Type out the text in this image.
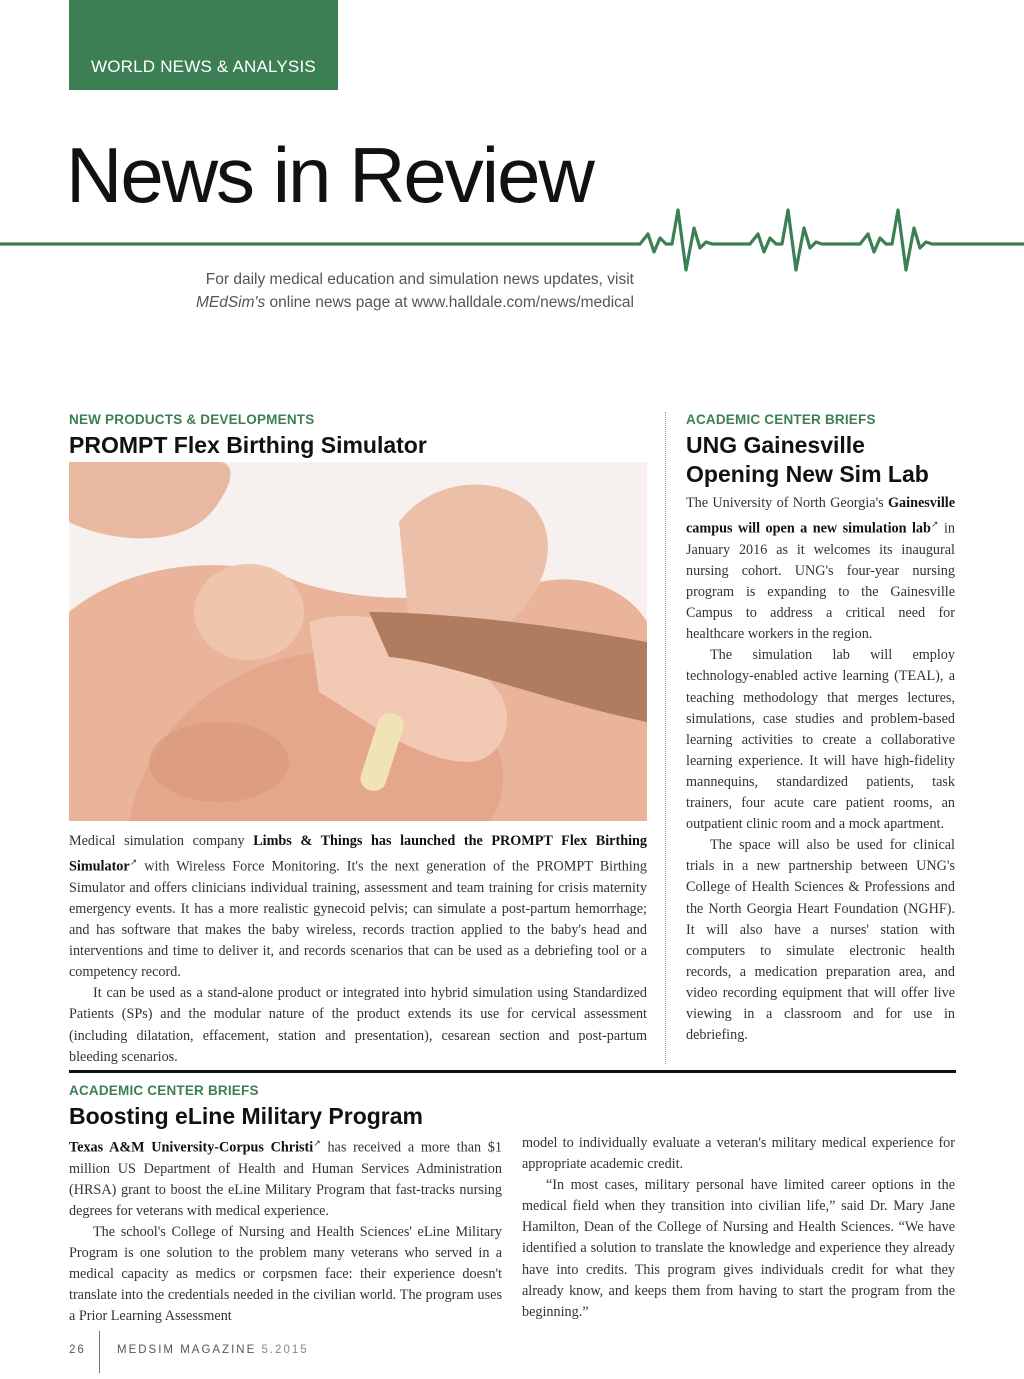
WORLD NEWS & ANALYSIS
News in Review
For daily medical education and simulation news updates, visit
MEdSim's online news page at www.halldale.com/news/medical
NEW PRODUCTS & DEVELOPMENTS
PROMPT Flex Birthing Simulator

Medical simulation company Limbs & Things has launched the PROMPT Flex Birthing Simulator↗ with Wireless Force Monitoring. It's the next generation of the PROMPT Birthing Simulator and offers clinicians individual training, assessment and team training for crisis maternity emergency events. It has a more realistic gynecoid pelvis; can simulate a post-partum hemorrhage; and has software that makes the baby wireless, records traction applied to the baby's head and interventions and time to deliver it, and records scenarios that can be used as a debriefing tool or a competency record.

It can be used as a stand-alone product or integrated into hybrid simulation using Standardized Patients (SPs) and the modular nature of the product extends its use for cervical assessment (including dilatation, effacement, station and presentation), cesarean section and post-partum bleeding scenarios.

ACADEMIC CENTER BRIEFS
UNG Gainesville
Opening New Sim Lab

The University of North Georgia's Gainesville campus will open a new simulation lab↗ in January 2016 as it welcomes its inaugural nursing cohort. UNG's four-year nursing program is expanding to the Gainesville Campus to address a critical need for healthcare workers in the region.

The simulation lab will employ technology-enabled active learning (TEAL), a teaching methodology that merges lectures, simulations, case studies and problem-based learning activities to create a collaborative learning experience. It will have high-fidelity mannequins, standardized patients, task trainers, four acute care patient rooms, an outpatient clinic room and a mock apartment.

The space will also be used for clinical trials in a new partnership between UNG's College of Health Sciences & Professions and the North Georgia Heart Foundation (NGHF). It will also have a nurses' station with computers to simulate electronic health records, a medication preparation area, and video recording equipment that will offer live viewing in a classroom and for use in debriefing.

ACADEMIC CENTER BRIEFS
Boosting eLine Military Program

Texas A&M University-Corpus Christi↗ has received a more than $1 million US Department of Health and Human Services Administration (HRSA) grant to boost the eLine Military Program that fast-tracks nursing degrees for veterans with medical experience.

The school's College of Nursing and Health Sciences' eLine Military Program is one solution to the problem many veterans who served in a medical capacity as medics or corpsmen face: their experience doesn't translate into the credentials needed in the civilian world. The program uses a Prior Learning Assessment

model to individually evaluate a veteran's military medical experience for appropriate academic credit.

“In most cases, military personal have limited career options in the medical field when they transition into civilian life,” said Dr. Mary Jane Hamilton, Dean of the College of Nursing and Health Sciences. “We have identified a solution to translate the knowledge and experience they already have into credits. This program gives individuals credit for what they already know, and keeps them from having to start the program from the beginning.”

26	MEDSIM MAGAZINE 5.2015
